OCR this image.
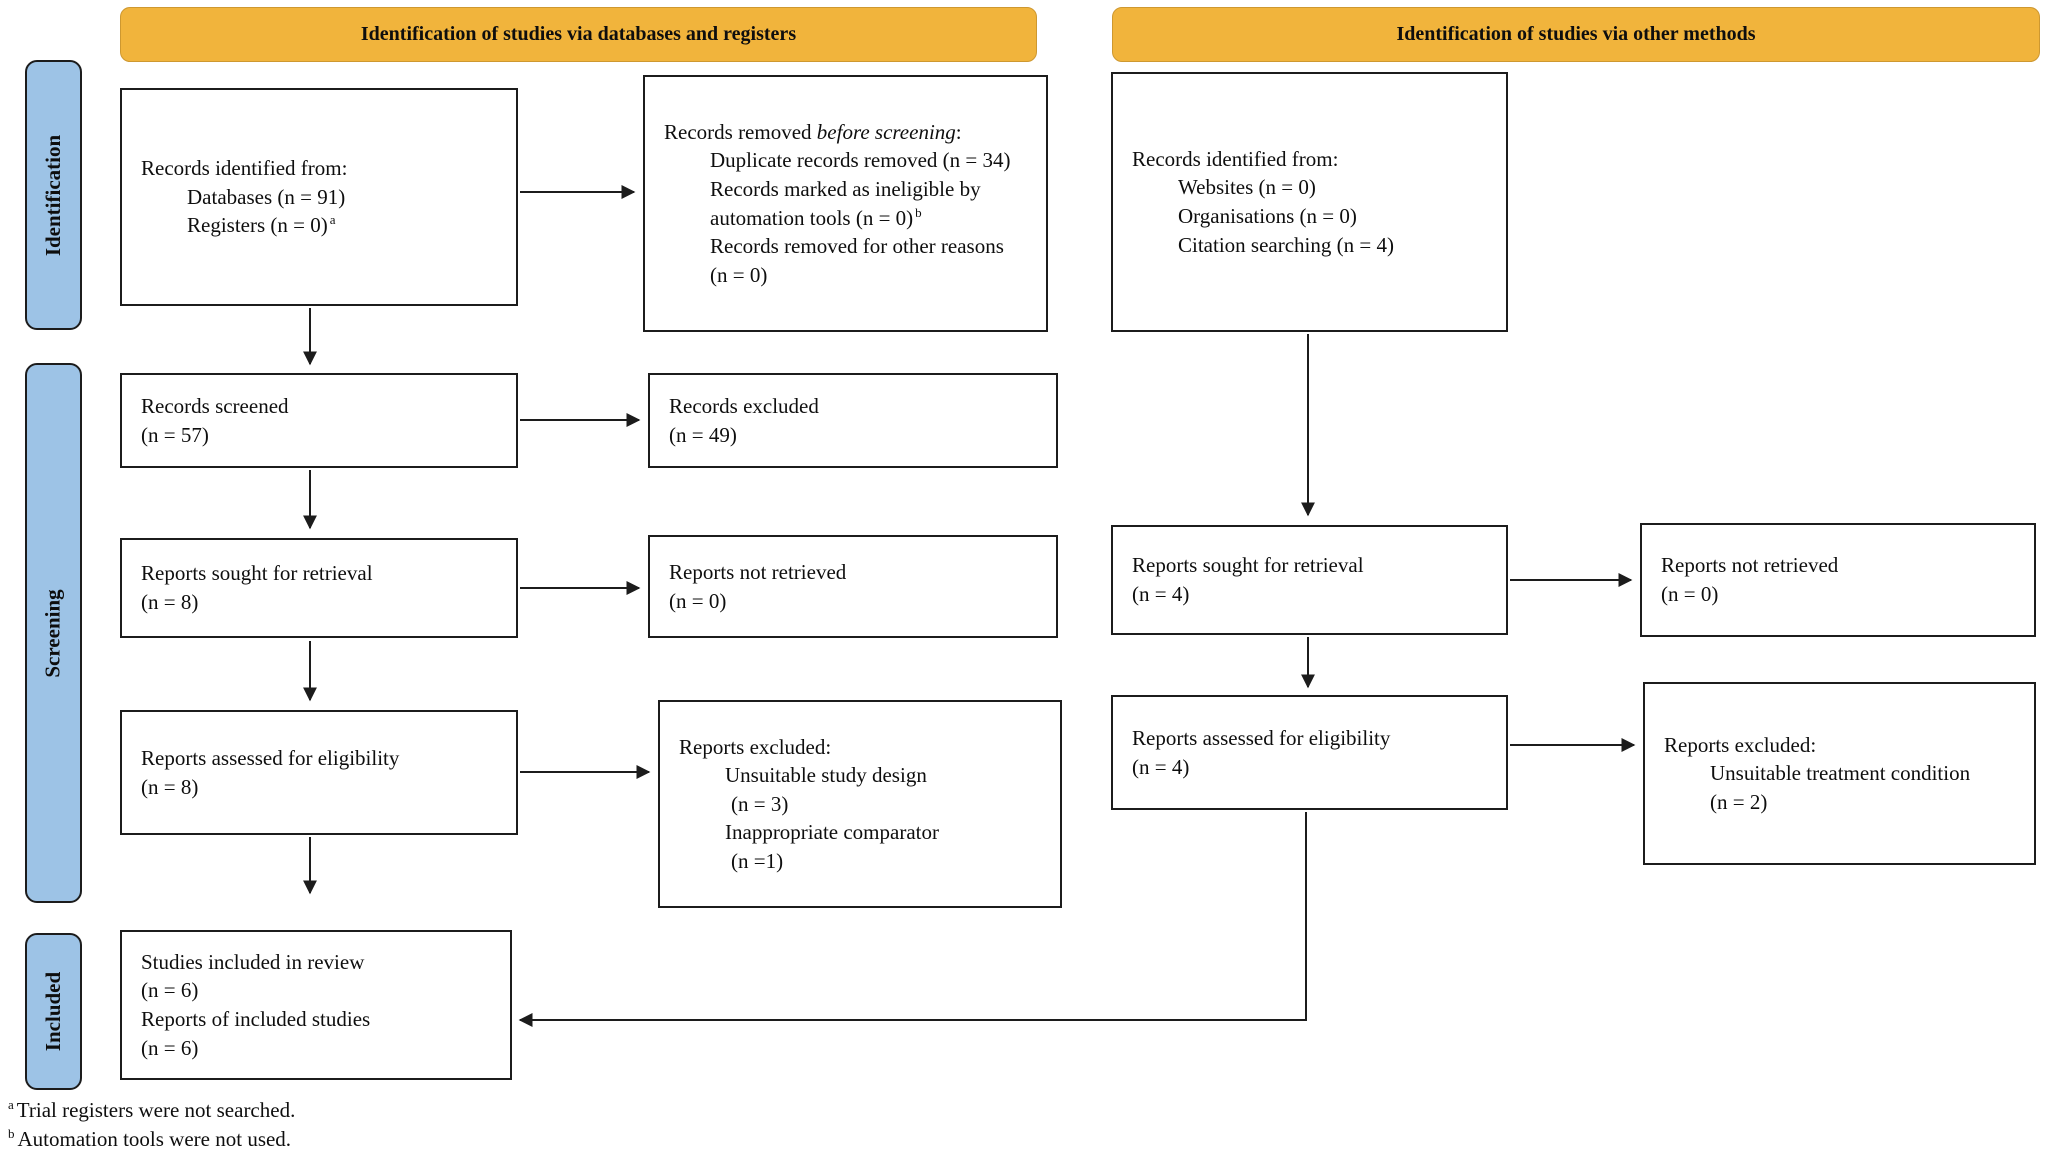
Identification of studies via databases and registers	Identification of studies via other methods
Identification
Screening
Included
Records identified from:
Databases (n = 91)
Registers (n = 0) $^a$
Records removed before screening:
Duplicate records removed (n = 34)
Records marked as ineligible by automation tools (n = 0) $^b$
Records removed for other reasons (n = 0)
Records identified from:
Websites (n = 0)
Organisations (n = 0)
Citation searching (n = 4)
Records screened
(n = 57)
Records excluded
(n = 49)
Reports sought for retrieval
(n = 8)
Reports not retrieved
(n = 0)
Reports sought for retrieval
(n = 4)
Reports not retrieved
(n = 0)
Reports assessed for eligibility
(n = 8)
Reports excluded:
Unsuitable study design
(n = 3)
Inappropriate comparator
(n =1)
Reports assessed for eligibility
(n = 4)
Reports excluded:
Unsuitable treatment condition
(n = 2)
Studies included in review
(n = 6)
Reports of included studies
(n = 6)
$^a$ Trial registers were not searched.
$^b$ Automation tools were not used.
